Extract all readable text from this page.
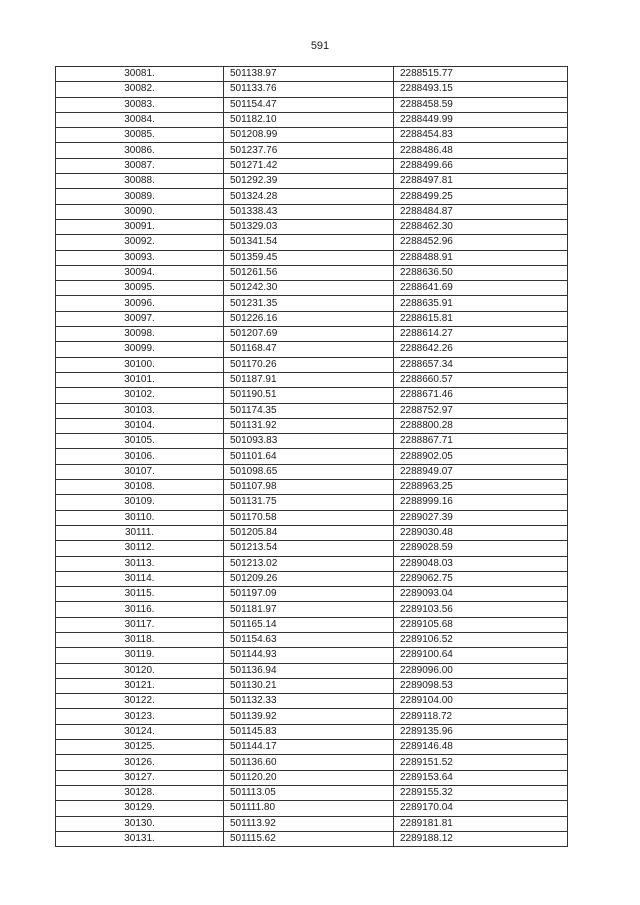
591
30081.	501138.97	2288515.77
30082.	501133.76	2288493.15
30083.	501154.47	2288458.59
30084.	501182.10	2288449.99
30085.	501208.99	2288454.83
30086.	501237.76	2288486.48
30087.	501271.42	2288499.66
30088.	501292.39	2288497.81
30089.	501324.28	2288499.25
30090.	501338.43	2288484.87
30091.	501329.03	2288462.30
30092.	501341.54	2288452.96
30093.	501359.45	2288488.91
30094.	501261.56	2288636.50
30095.	501242.30	2288641.69
30096.	501231.35	2288635.91
30097.	501226.16	2288615.81
30098.	501207.69	2288614.27
30099.	501168.47	2288642.26
30100.	501170.26	2288657.34
30101.	501187.91	2288660.57
30102.	501190.51	2288671.46
30103.	501174.35	2288752.97
30104.	501131.92	2288800.28
30105.	501093.83	2288867.71
30106.	501101.64	2288902.05
30107.	501098.65	2288949.07
30108.	501107.98	2288963.25
30109.	501131.75	2288999.16
30110.	501170.58	2289027.39
30111.	501205.84	2289030.48
30112.	501213.54	2289028.59
30113.	501213.02	2289048.03
30114.	501209.26	2289062.75
30115.	501197.09	2289093.04
30116.	501181.97	2289103.56
30117.	501165.14	2289105.68
30118.	501154.63	2289106.52
30119.	501144.93	2289100.64
30120.	501136.94	2289096.00
30121.	501130.21	2289098.53
30122.	501132.33	2289104.00
30123.	501139.92	2289118.72
30124.	501145.83	2289135.96
30125.	501144.17	2289146.48
30126.	501136.60	2289151.52
30127.	501120.20	2289153.64
30128.	501113.05	2289155.32
30129.	501111.80	2289170.04
30130.	501113.92	2289181.81
30131.	501115.62	2289188.12
